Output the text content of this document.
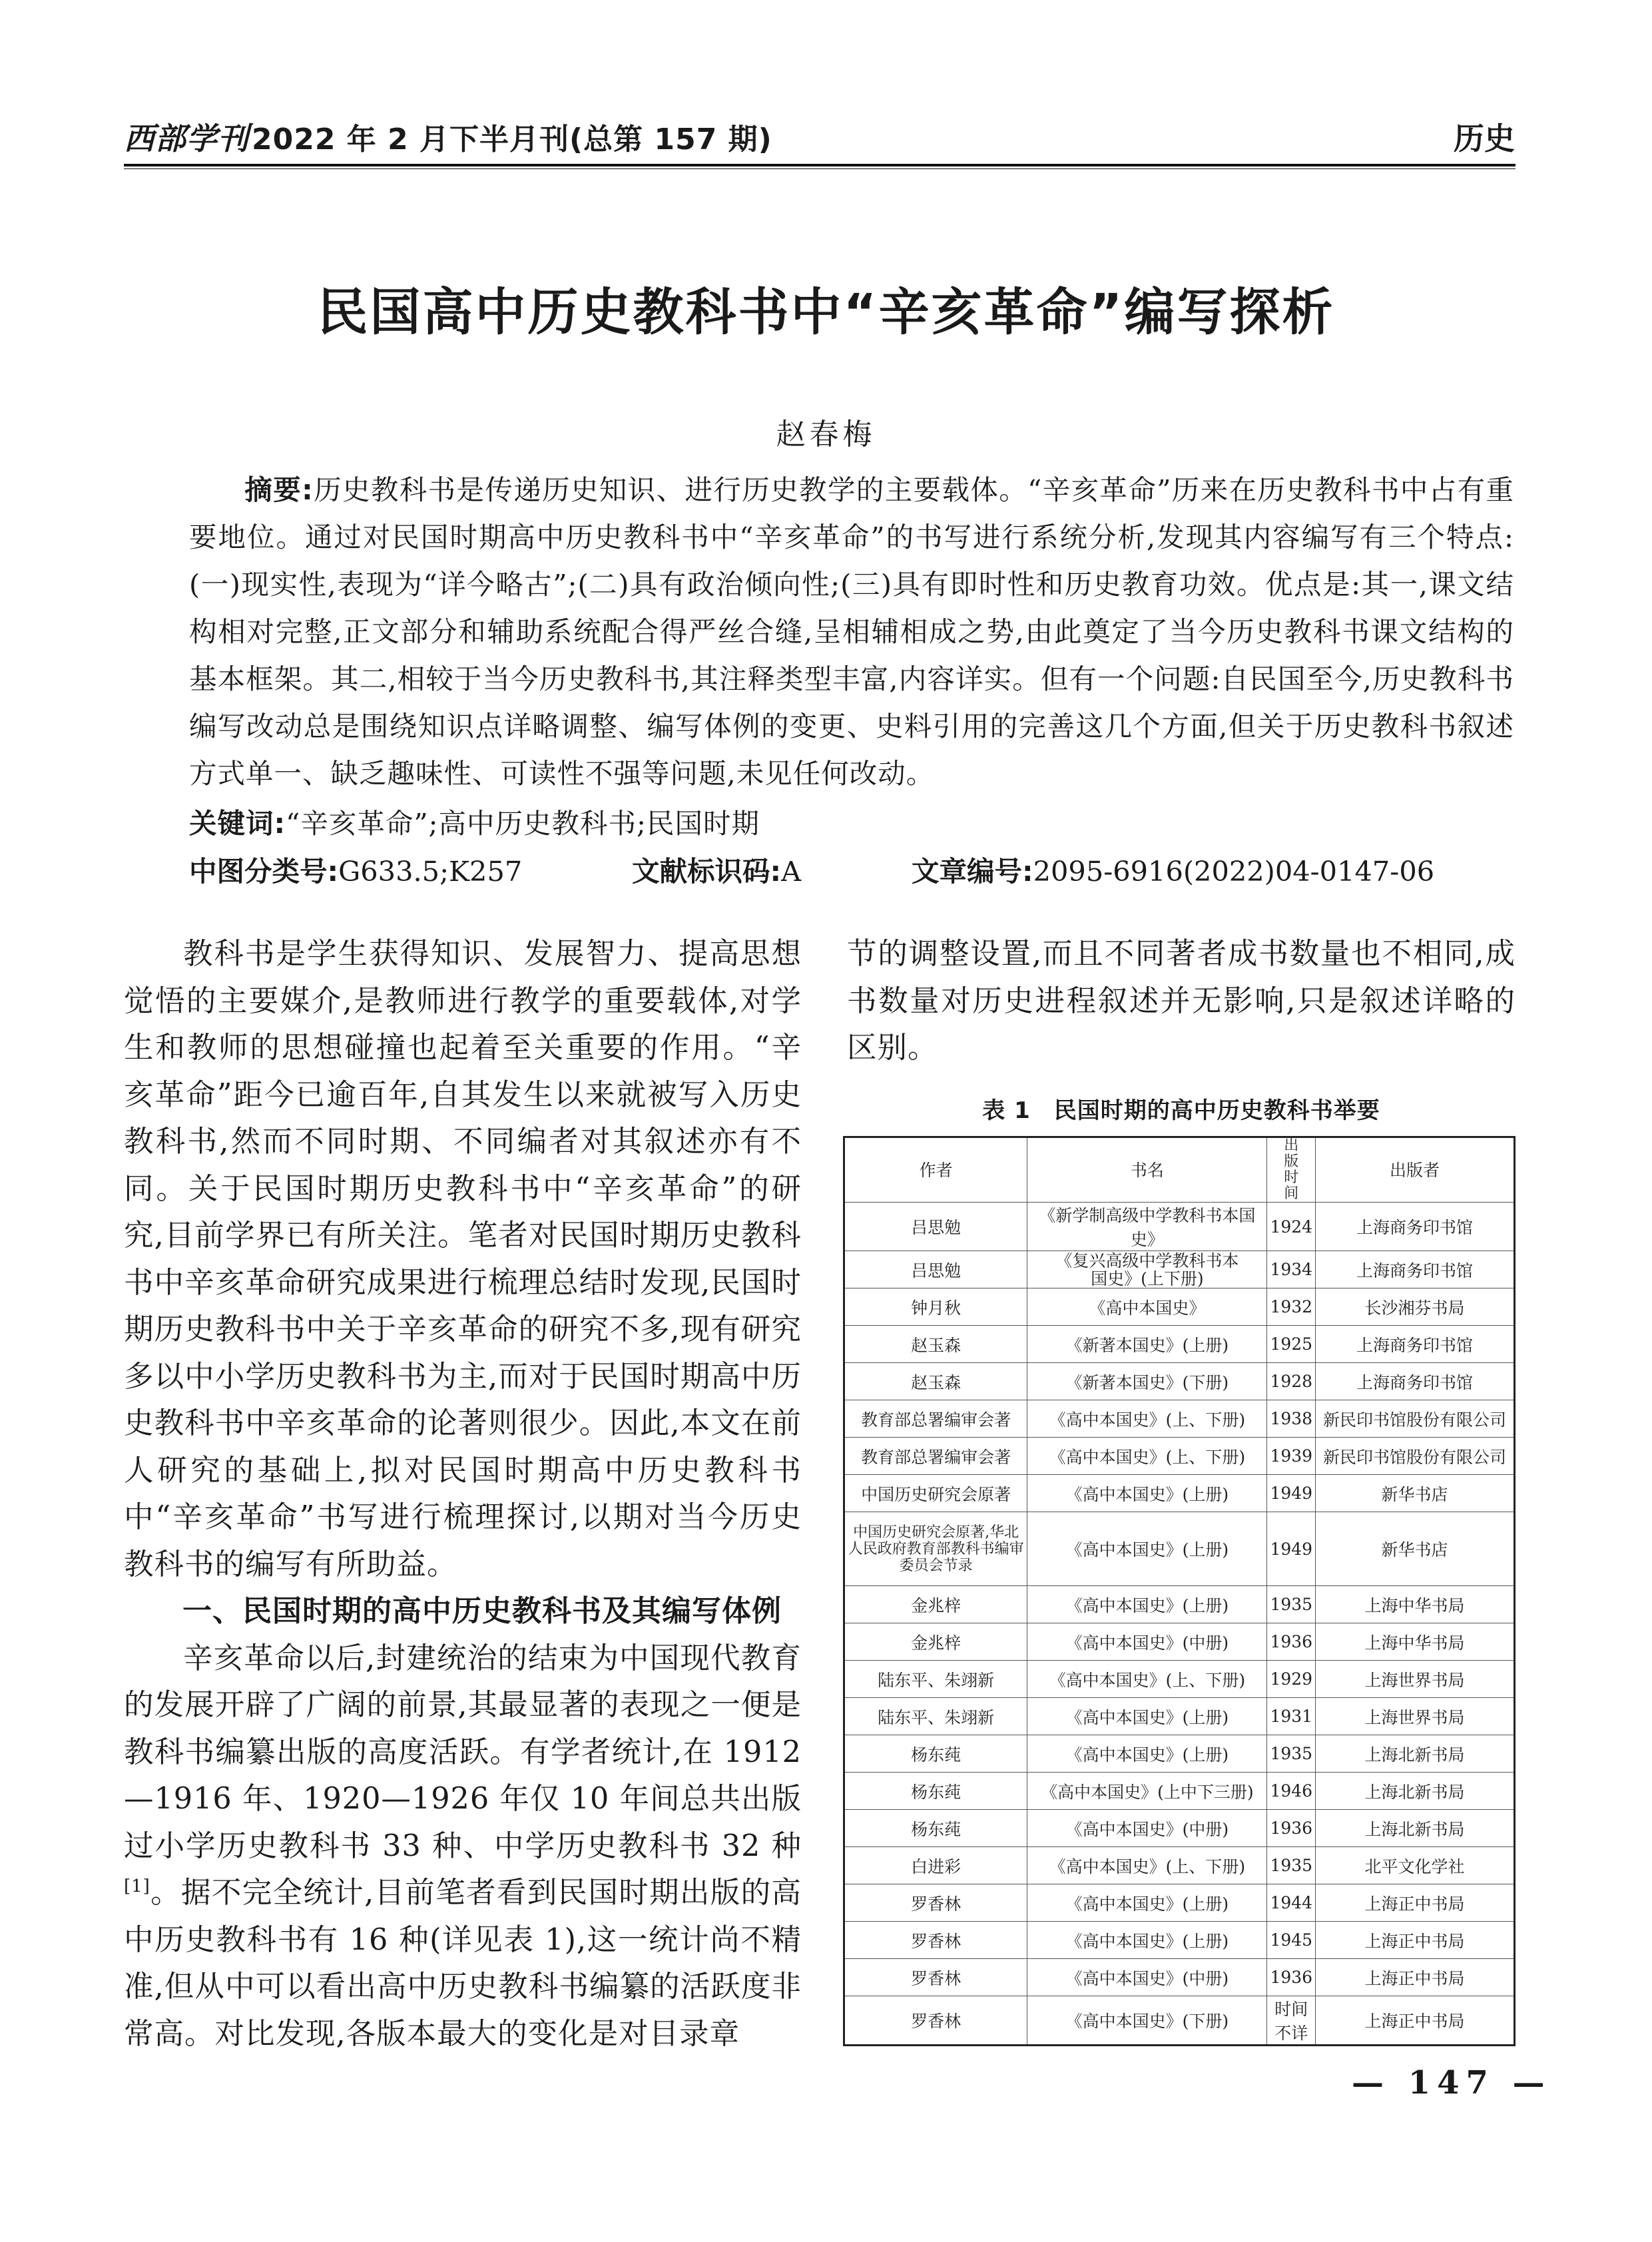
西部学刊2022 年 2 月下半月刊(总第 157 期)	历史
民国高中历史教科书中“辛亥革命”编写探析
赵春梅
摘要:历史教科书是传递历史知识、进行历史教学的主要载体。“辛亥革命”历来在历史教科书中占有重要地位。通过对民国时期高中历史教科书中“辛亥革命”的书写进行系统分析,发现其内容编写有三个特点:(一)现实性,表现为“详今略古”;(二)具有政治倾向性;(三)具有即时性和历史教育功效。优点是:其一,课文结构相对完整,正文部分和辅助系统配合得严丝合缝,呈相辅相成之势,由此奠定了当今历史教科书课文结构的基本框架。其二,相较于当今历史教科书,其注释类型丰富,内容详实。但有一个问题:自民国至今,历史教科书编写改动总是围绕知识点详略调整、编写体例的变更、史料引用的完善这几个方面,但关于历史教科书叙述方式单一、缺乏趣味性、可读性不强等问题,未见任何改动。
关键词:“辛亥革命”;高中历史教科书;民国时期
中图分类号:G633.5;K257	文献标识码:A	文章编号:2095-6916(2022)04-0147-06

教科书是学生获得知识、发展智力、提高思想觉悟的主要媒介,是教师进行教学的重要载体,对学生和教师的思想碰撞也起着至关重要的作用。“辛亥革命”距今已逾百年,自其发生以来就被写入历史教科书,然而不同时期、不同编者对其叙述亦有不同。关于民国时期历史教科书中“辛亥革命”的研究,目前学界已有所关注。笔者对民国时期历史教科书中辛亥革命研究成果进行梳理总结时发现,民国时期历史教科书中关于辛亥革命的研究不多,现有研究多以中小学历史教科书为主,而对于民国时期高中历史教科书中辛亥革命的论著则很少。因此,本文在前人研究的基础上,拟对民国时期高中历史教科书中“辛亥革命”书写进行梳理探讨,以期对当今历史教科书的编写有所助益。

一、民国时期的高中历史教科书及其编写体例

辛亥革命以后,封建统治的结束为中国现代教育的发展开辟了广阔的前景,其最显著的表现之一便是教科书编纂出版的高度活跃。有学者统计,在 1912—1916 年、1920—1926 年仅 10 年间总共出版过小学历史教科书 33 种、中学历史教科书 32 种[1]。据不完全统计,目前笔者看到民国时期出版的高中历史教科书有 16 种(详见表 1),这一统计尚不精准,但从中可以看出高中历史教科书编纂的活跃度非常高。对比发现,各版本最大的变化是对目录章

节的调整设置,而且不同著者成书数量也不相同,成书数量对历史进程叙述并无影响,只是叙述详略的区别。

表 1　民国时期的高中历史教科书举要
作者	书名	出版时间	出版者
吕思勉	《新学制高级中学教科书本国史》	1924	上海商务印书馆
吕思勉	《复兴高级中学教科书本国史》(上下册)	1934	上海商务印书馆
钟月秋	《高中本国史》	1932	长沙湘芬书局
赵玉森	《新著本国史》(上册)	1925	上海商务印书馆
赵玉森	《新著本国史》(下册)	1928	上海商务印书馆
教育部总署编审会著	《高中本国史》(上、下册)	1938	新民印书馆股份有限公司
教育部总署编审会著	《高中本国史》(上、下册)	1939	新民印书馆股份有限公司
中国历史研究会原著	《高中本国史》(上册)	1949	新华书店
中国历史研究会原著,华北人民政府教育部教科书编审委员会节录	《高中本国史》(上册)	1949	新华书店
金兆梓	《高中本国史》(上册)	1935	上海中华书局
金兆梓	《高中本国史》(中册)	1936	上海中华书局
陆东平、朱翊新	《高中本国史》(上、下册)	1929	上海世界书局
陆东平、朱翊新	《高中本国史》(上册)	1931	上海世界书局
杨东莼	《高中本国史》(上册)	1935	上海北新书局
杨东莼	《高中本国史》(上中下三册)	1946	上海北新书局
杨东莼	《高中本国史》(中册)	1936	上海北新书局
白进彩	《高中本国史》(上、下册)	1935	北平文化学社
罗香林	《高中本国史》(上册)	1944	上海正中书局
罗香林	《高中本国史》(上册)	1945	上海正中书局
罗香林	《高中本国史》(中册)	1936	上海正中书局
罗香林	《高中本国史》(下册)	时间不详	上海正中书局
— 147 —
